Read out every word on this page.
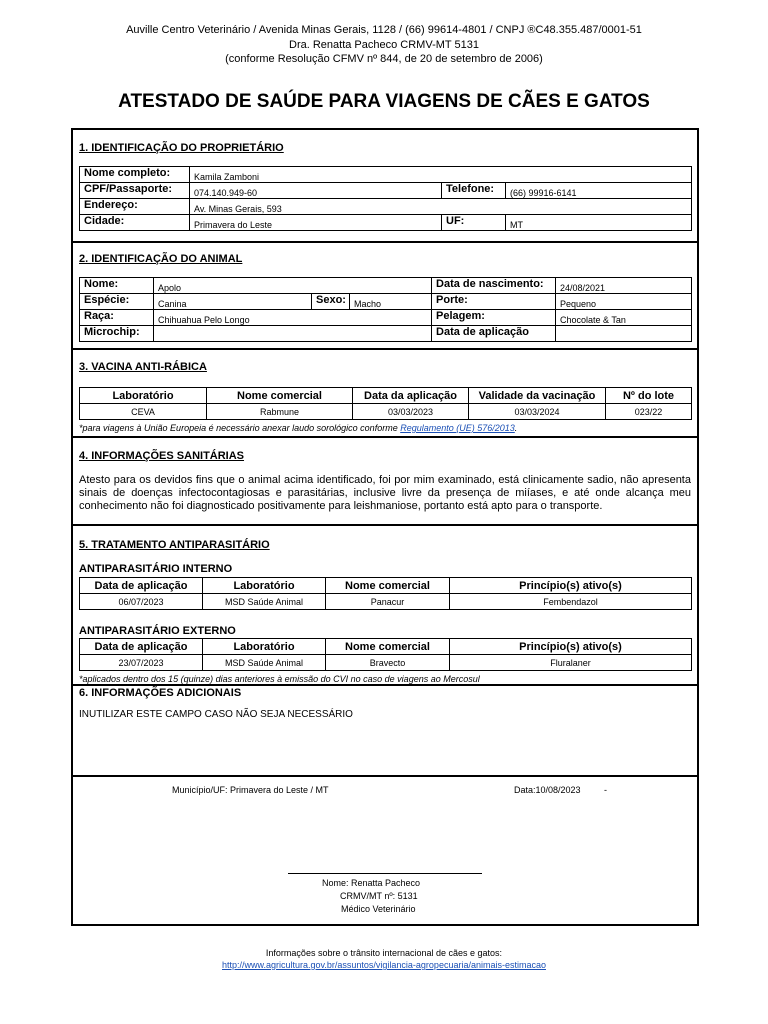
Auville Centro Veterinário / Avenida Minas Gerais, 1128 / (66) 99614-4801 / CNPJ ®C48.355.487/0001-51
Dra. Renatta Pacheco CRMV-MT 5131
(conforme Resolução CFMV nº 844, de 20 de setembro de 2006)
ATESTADO DE SAÚDE PARA VIAGENS DE CÃES E GATOS
1. IDENTIFICAÇÃO DO PROPRIETÁRIO
Nome completo:	Kamila Zamboni		
CPF/Passaporte:	074.140.949-60	Telefone:	(66) 99916-6141
Endereço:	Av. Minas Gerais, 593		
Cidade:	Primavera do Leste	UF:	MT
2. IDENTIFICAÇÃO DO ANIMAL
Nome:	Apolo			Data de nascimento:	24/08/2021
Espécie:	Canina	Sexo:	Macho	Porte:	Pequeno
Raça:	Chihuahua Pelo Longo			Pelagem:	Chocolate & Tan
Microchip:				Data de aplicação	
3. VACINA ANTI-RÁBICA
Laboratório	Nome comercial	Data da aplicação	Validade da vacinação	Nº do lote
CEVA	Rabmune	03/03/2023	03/03/2024	023/22
*para viagens à União Europeia é necessário anexar laudo sorológico conforme Regulamento (UE) 576/2013.
4. INFORMAÇÕES SANITÁRIAS
Atesto para os devidos fins que o animal acima identificado, foi por mim examinado, está clinicamente sadio, não apresenta sinais de doenças infectocontagiosas e parasitárias, inclusive livre da presença de miíases, e até onde alcança meu conhecimento não foi diagnosticado positivamente para leishmaniose, portanto está apto para o transporte.
5. TRATAMENTO ANTIPARASITÁRIO
ANTIPARASITÁRIO INTERNO
Data de aplicação	Laboratório	Nome comercial	Princípio(s) ativo(s)
06/07/2023	MSD Saúde Animal	Panacur	Fembendazol
ANTIPARASITÁRIO EXTERNO
Data de aplicação	Laboratório	Nome comercial	Princípio(s) ativo(s)
23/07/2023	MSD Saúde Animal	Bravecto	Fluralaner
*aplicados dentro dos 15 (quinze) dias anteriores à emissão do CVI no caso de viagens ao Mercosul
6. INFORMAÇÕES ADICIONAIS
INUTILIZAR ESTE CAMPO CASO NÃO SEJA NECESSÁRIO
Município/UF: Primavera do Leste / MT	Data:10/08/2023	-
Nome: Renatta Pacheco
CRMV/MT nº: 5131
Médico Veterinário
Informações sobre o trânsito internacional de cães e gatos:
http://www.agricultura.gov.br/assuntos/vigilancia-agropecuaria/animais-estimacao
